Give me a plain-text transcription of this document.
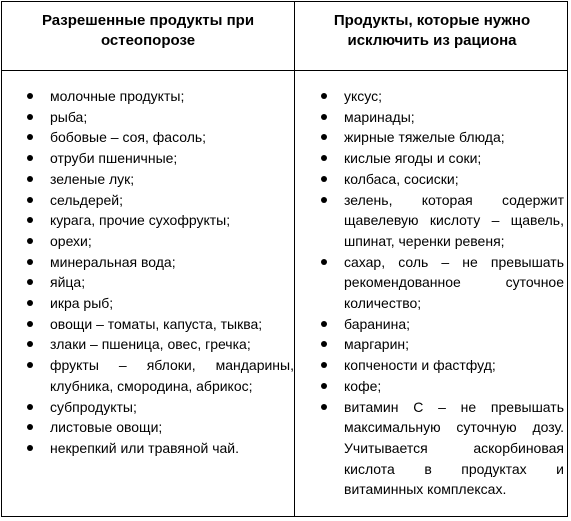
Разрешенные продукты при
остеопорозе
Продукты, которые нужно
исключить из рациона
молочные продукты;
рыба;
бобовые – соя, фасоль;
отруби пшеничные;
зеленые лук;
сельдерей;
курага, прочие сухофрукты;
орехи;
минеральная вода;
яйца;
икра рыб;
овощи – томаты, капуста, тыква;
злаки – пшеница, овес, гречка;
фрукты – яблоки, мандарины,
клубника, смородина, абрикос;
субпродукты;
листовые овощи;
некрепкий или травяной чай.
уксус;
маринады;
жирные тяжелые блюда;
кислые ягоды и соки;
колбаса, сосиски;
зелень, которая содержит
щавелевую кислоту – щавель,
шпинат, черенки ревеня;
сахар, соль – не превышать
рекомендованное суточное
количество;
баранина;
маргарин;
копчености и фастфуд;
кофе;
витамин С – не превышать
максимальную суточную дозу.
Учитывается аскорбиновая
кислота в продуктах и
витаминных комплексах.
